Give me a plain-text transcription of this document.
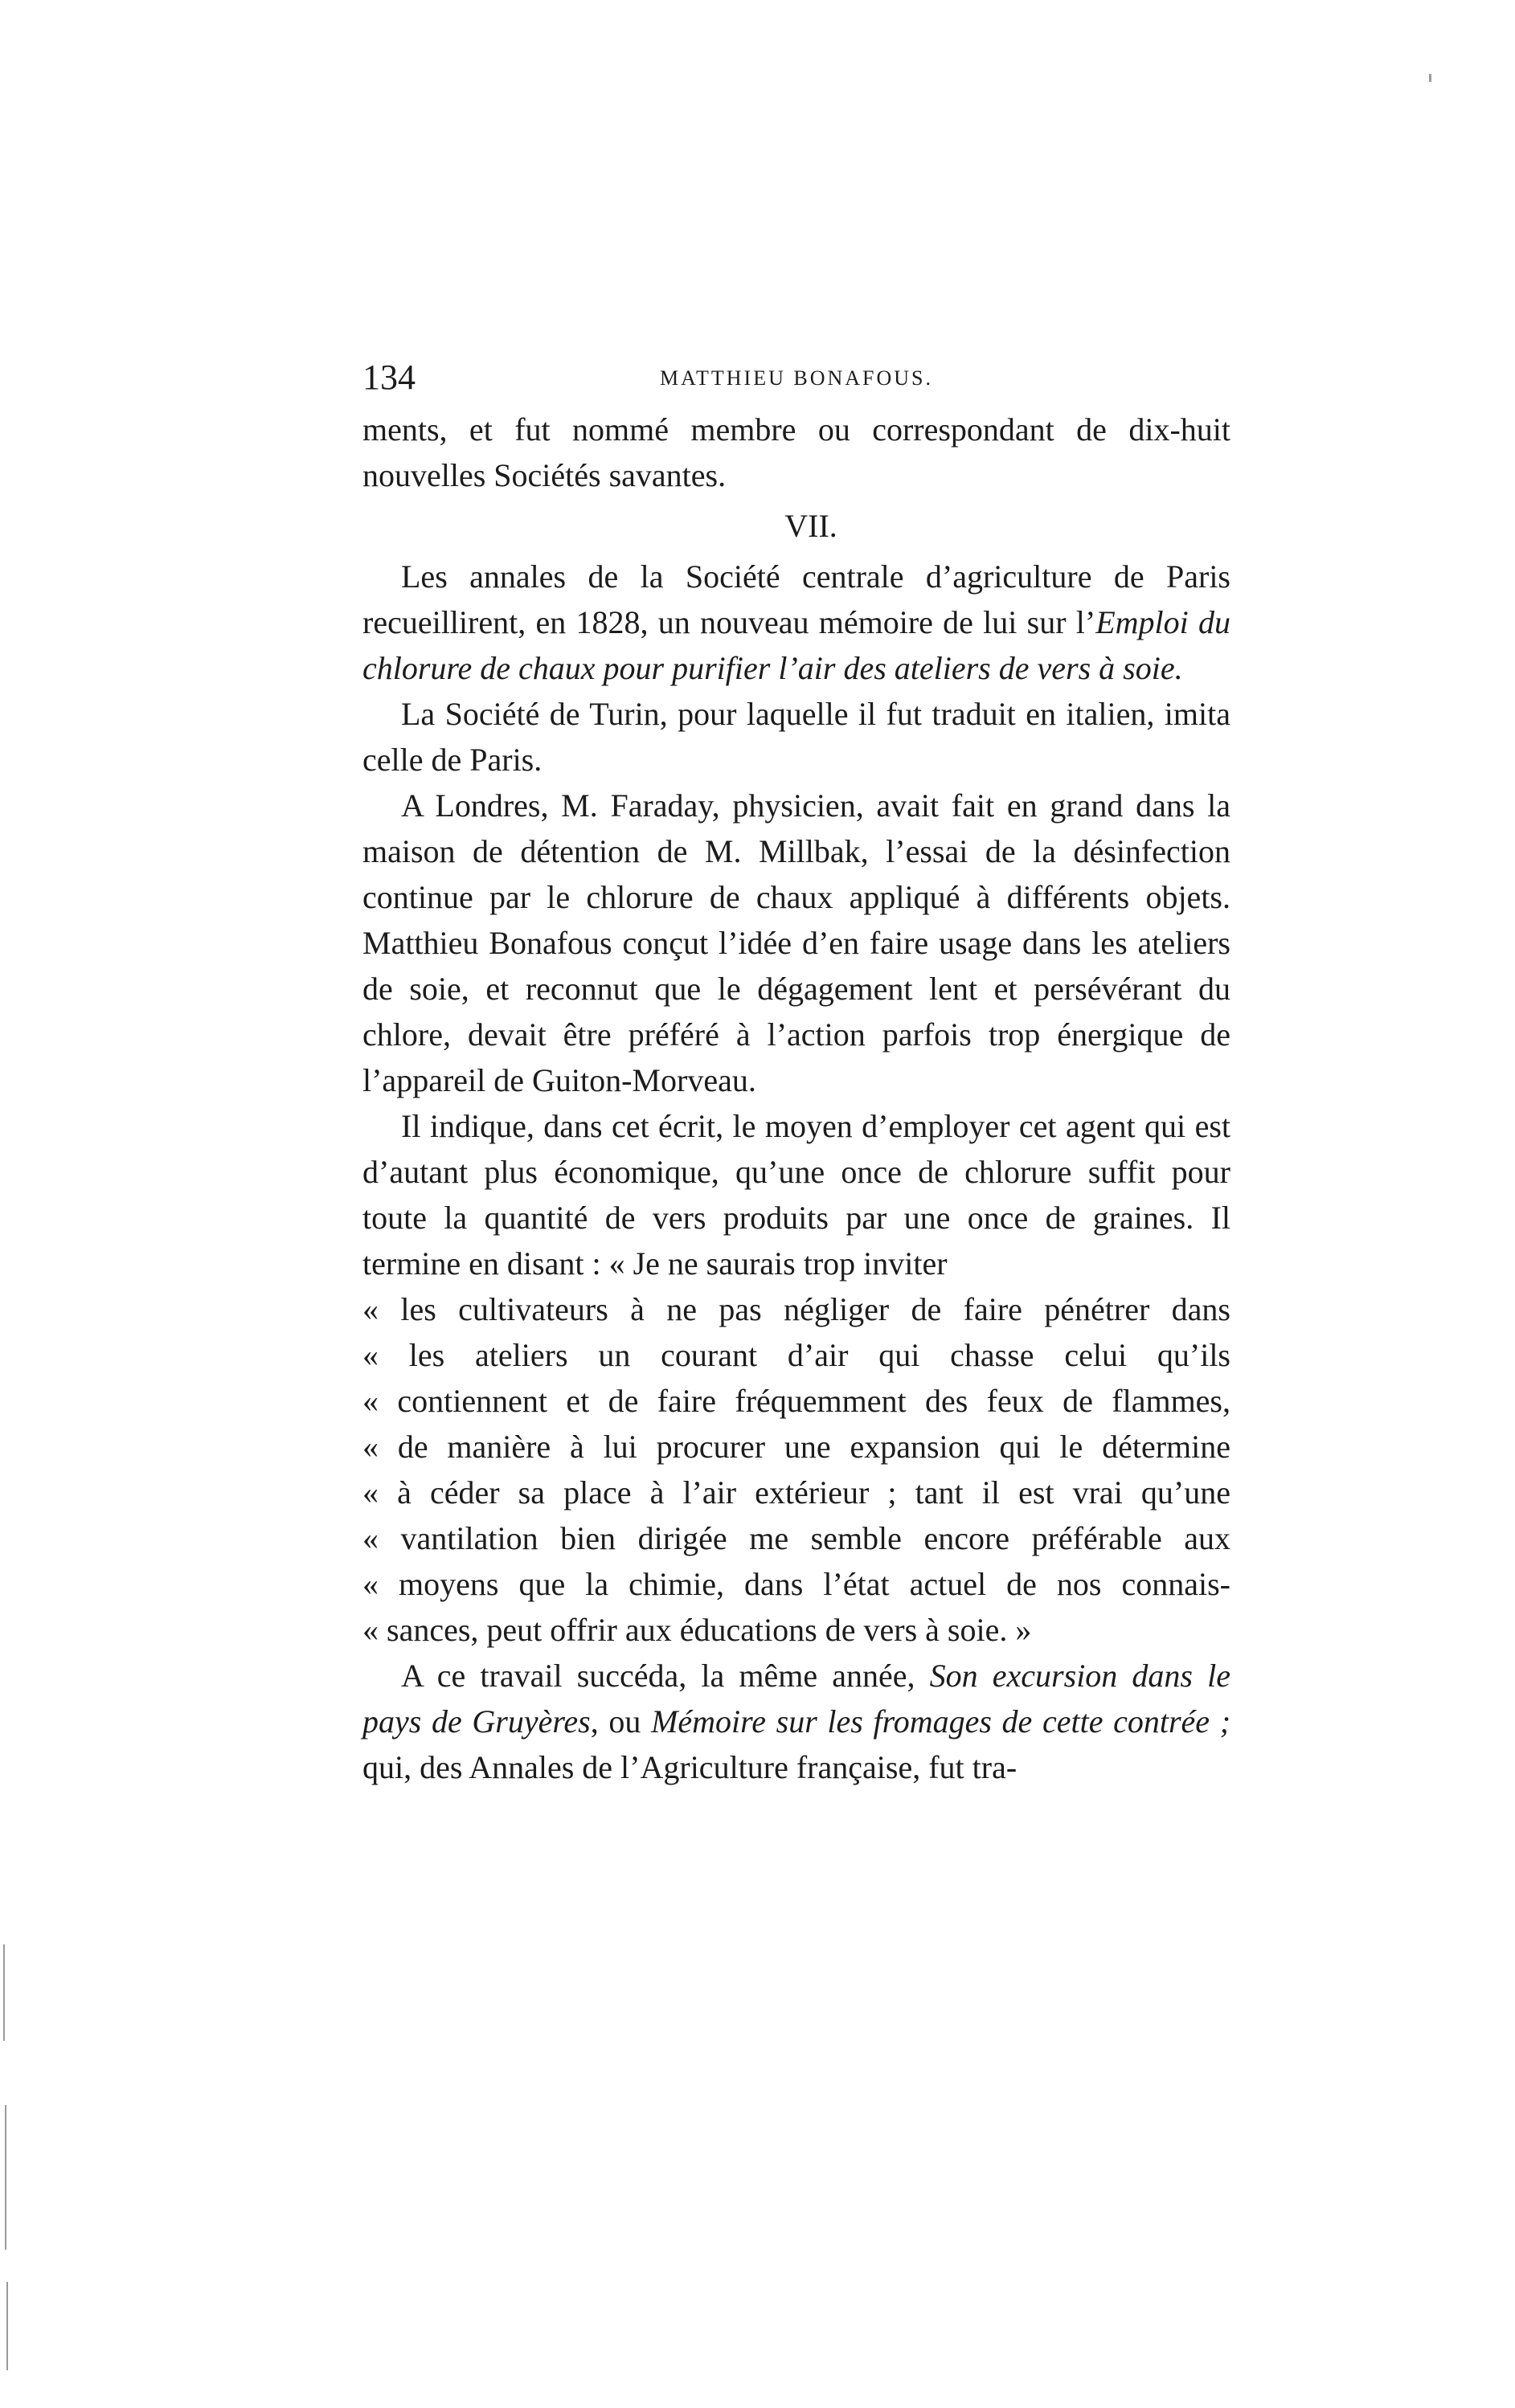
134	MATTHIEU BONAFOUS.

ments, et fut nommé membre ou correspondant de dix-huit nouvelles Sociétés savantes.

VII.

Les annales de la Société centrale d’agriculture de Paris recueillirent, en 1828, un nouveau mémoire de lui sur l’Emploi du chlorure de chaux pour purifier l’air des ateliers de vers à soie.

La Société de Turin, pour laquelle il fut traduit en italien, imita celle de Paris.

A Londres, M. Faraday, physicien, avait fait en grand dans la maison de détention de M. Millbak, l’essai de la désinfection continue par le chlorure de chaux appliqué à différents objets. Matthieu Bonafous conçut l’idée d’en faire usage dans les ateliers de soie, et reconnut que le dégagement lent et persévérant du chlore, devait être préféré à l’action parfois trop énergique de l’appareil de Guiton-Morveau.

Il indique, dans cet écrit, le moyen d’employer cet agent qui est d’autant plus économique, qu’une once de chlorure suffit pour toute la quantité de vers produits par une once de graines. Il termine en disant : « Je ne saurais trop inviter

« les cultivateurs à ne pas négliger de faire pénétrer dans
« les ateliers un courant d’air qui chasse celui qu’ils
« contiennent et de faire fréquemment des feux de flammes,
« de manière à lui procurer une expansion qui le détermine
« à céder sa place à l’air extérieur ; tant il est vrai qu’une
« vantilation bien dirigée me semble encore préférable aux
« moyens que la chimie, dans l’état actuel de nos connais-
« sances, peut offrir aux éducations de vers à soie. »

A ce travail succéda, la même année, Son excursion dans le pays de Gruyères, ou Mémoire sur les fromages de cette contrée ; qui, des Annales de l’Agriculture française, fut tra-
